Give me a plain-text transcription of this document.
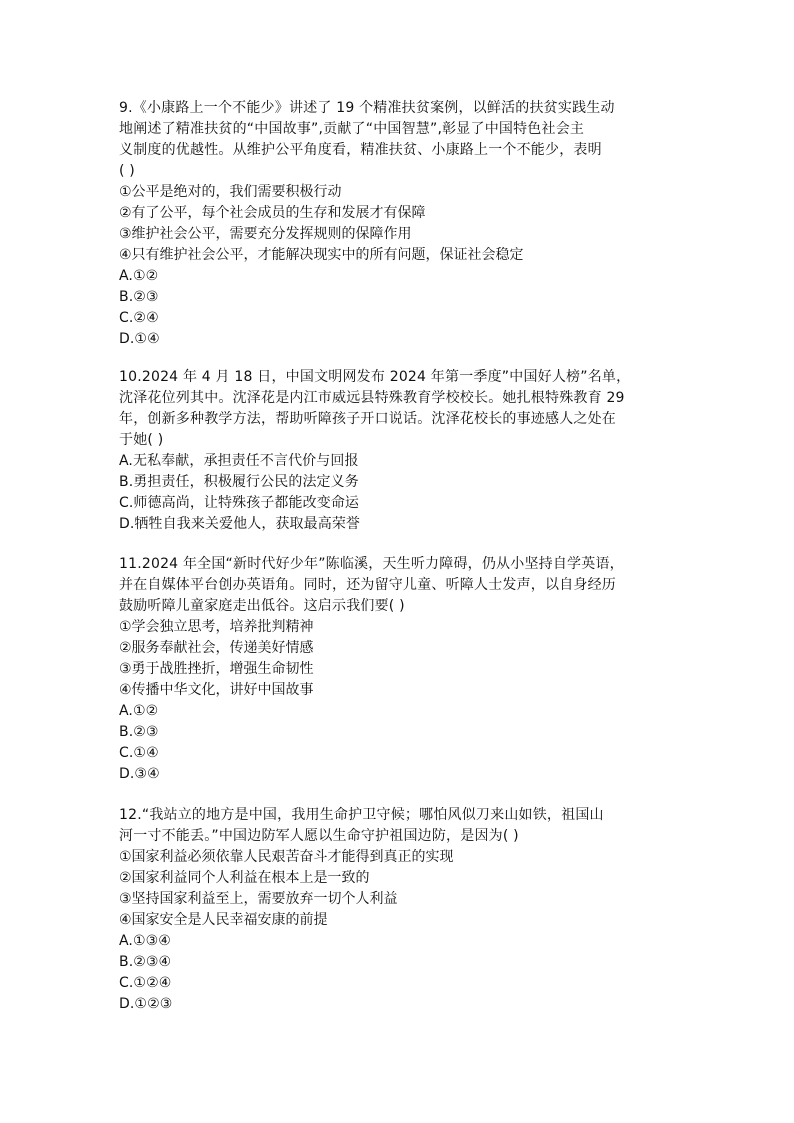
9.《小康路上一个不能少》讲述了 19 个精准扶贫案例，以鲜活的扶贫实践生动

地阐述了精准扶贫的“中国故事”,贡献了“中国智慧”,彰显了中国特色社会主

义制度的优越性。从维护公平角度看，精准扶贫、小康路上一个不能少，表明

( )

①公平是绝对的，我们需要积极行动

②有了公平，每个社会成员的生存和发展才有保障

③维护社会公平，需要充分发挥规则的保障作用

④只有维护社会公平，才能解决现实中的所有问题，保证社会稳定

A.①②

B.②③

C.②④

D.①④

10.2024 年 4 月 18 日，中国文明网发布 2024 年第一季度”中国好人榜”名单，

沈泽花位列其中。沈泽花是内江市威远县特殊教育学校校长。她扎根特殊教育 29

年，创新多种教学方法，帮助听障孩子开口说话。沈泽花校长的事迹感人之处在

于她( )

A.无私奉献，承担责任不言代价与回报

B.勇担责任，积极履行公民的法定义务

C.师德高尚，让特殊孩子都能改变命运

D.牺牲自我来关爱他人，获取最高荣誉

11.2024 年全国“新时代好少年”陈临溪，天生听力障碍，仍从小坚持自学英语，

并在自媒体平台创办英语角。同时，还为留守儿童、听障人士发声，以自身经历

鼓励听障儿童家庭走出低谷。这启示我们要( )

①学会独立思考，培养批判精神

②服务奉献社会，传递美好情感

③勇于战胜挫折，增强生命韧性

④传播中华文化，讲好中国故事

A.①②

B.②③

C.①④

D.③④

12.“我站立的地方是中国，我用生命护卫守候；哪怕风似刀来山如铁，祖国山

河一寸不能丢。”中国边防军人愿以生命守护祖国边防，是因为( )

①国家利益必须依靠人民艰苦奋斗才能得到真正的实现

②国家利益同个人利益在根本上是一致的

③坚持国家利益至上，需要放弃一切个人利益

④国家安全是人民幸福安康的前提

A.①③④

B.②③④

C.①②④

D.①②③
